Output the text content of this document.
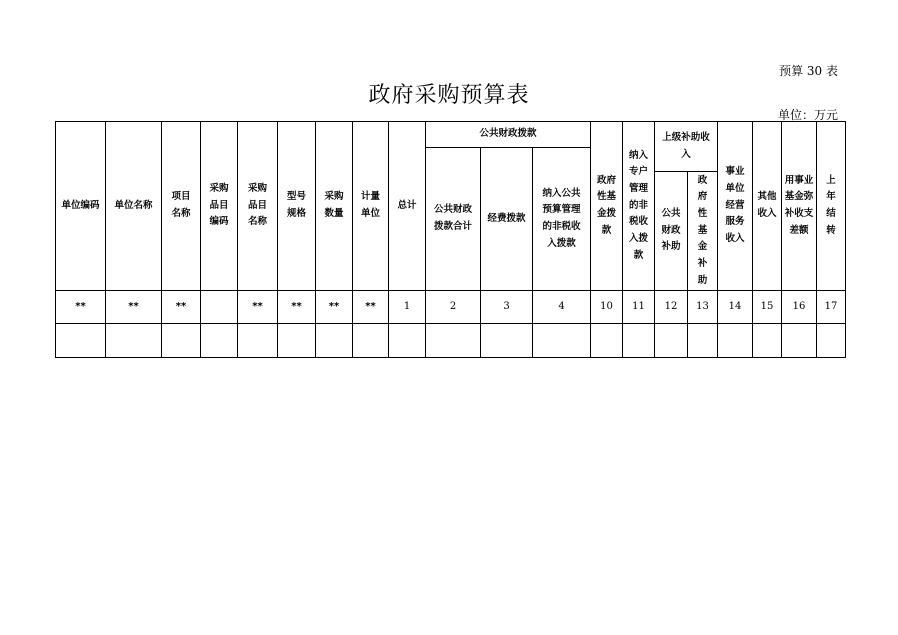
预算 30 表
政府采购预算表
单位：万元
单位编码	单位名称	项目名称	采购品目编码	采购品目名称	型号规格	采购数量	计量单位	总计	公共财政拨款			政府性基金拨款	纳入专户管理的非税收入拨款	上级补助收入		事业单位经营服务收入	其他收入	用事业基金弥补收支差额	上年结转

									公共财政拨款合计	经费拨款	纳入公共预算管理的非税收入拨款								

														公共财政补助	政府性基金补助				

**	**	**		**	**	**	**	1	2	3	4	10	11	12	13	14	15	16	17
